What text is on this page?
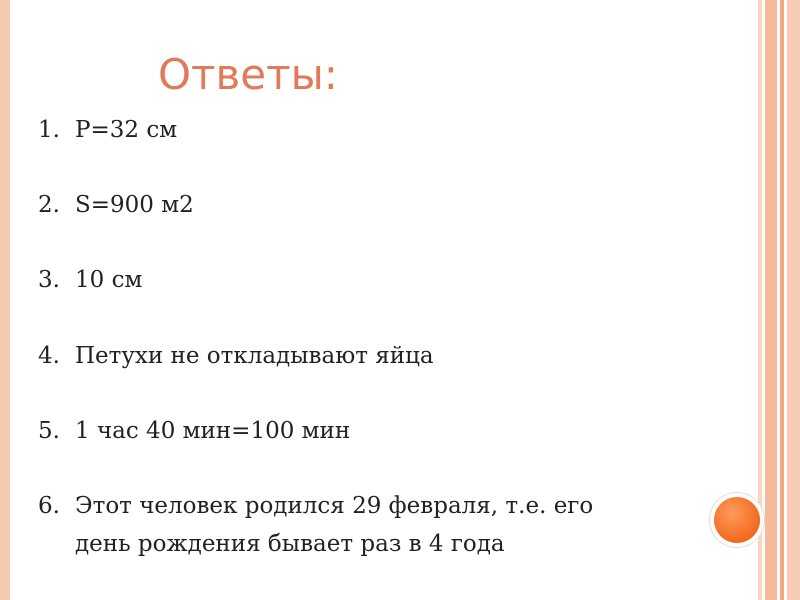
Ответы:
1. P=32 см
2. S=900 м2
3. 10 см
4. Петухи не откладывают яйца
5. 1 час 40 мин=100 мин
6. Этот человек родился 29 февраля, т.е. его
день рождения бывает раз в 4 года
